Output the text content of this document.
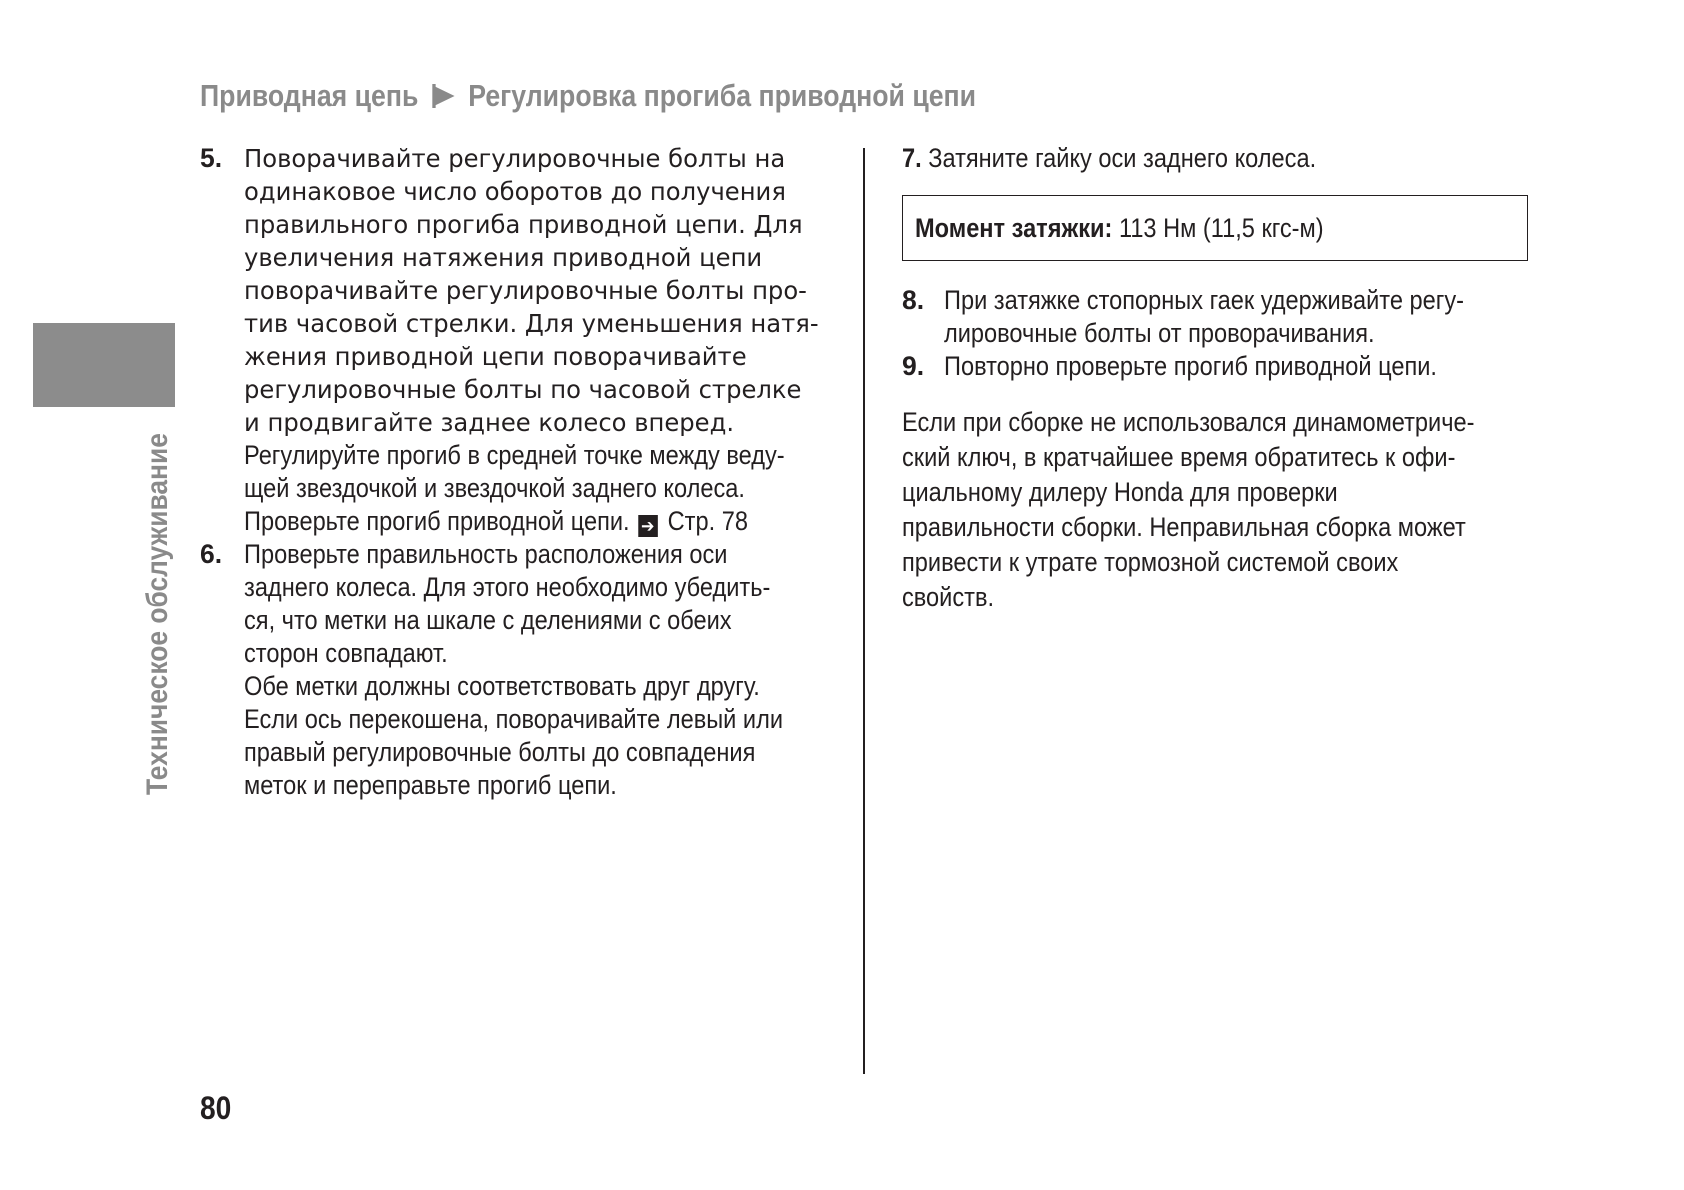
Приводная цепь Регулировка прогиба приводной цепи
Техническое обслуживание
5. Поворачивайте регулировочные болты на
одинаковое число оборотов до получения
правильного прогиба приводной цепи. Для
увеличения натяжения приводной цепи
поворачивайте регулировочные болты про-
тив часовой стрелки. Для уменьшения натя-
жения приводной цепи поворачивайте
регулировочные болты по часовой стрелке
и продвигайте заднее колесо вперед.
Регулируйте прогиб в средней точке между веду-
щей звездочкой и звездочкой заднего колеса.
Проверьте прогиб приводной цепи. ➔ Стр. 78
6. Проверьте правильность расположения оси
заднего колеса. Для этого необходимо убедить-
ся, что метки на шкале с делениями с обеих
сторон совпадают.
Обе метки должны соответствовать друг другу.
Если ось перекошена, поворачивайте левый или
правый регулировочные болты до совпадения
меток и переправьте прогиб цепи.
7. Затяните гайку оси заднего колеса.
Момент затяжки: 113 Нм (11,5 кгс-м)
8. При затяжке стопорных гаек удерживайте регу-
лировочные болты от проворачивания.
9. Повторно проверьте прогиб приводной цепи.
Если при сборке не использовался динамометриче-
ский ключ, в кратчайшее время обратитесь к офи-
циальному дилеру Honda для проверки
правильности сборки. Неправильная сборка может
привести к утрате тормозной системой своих
свойств.
80
